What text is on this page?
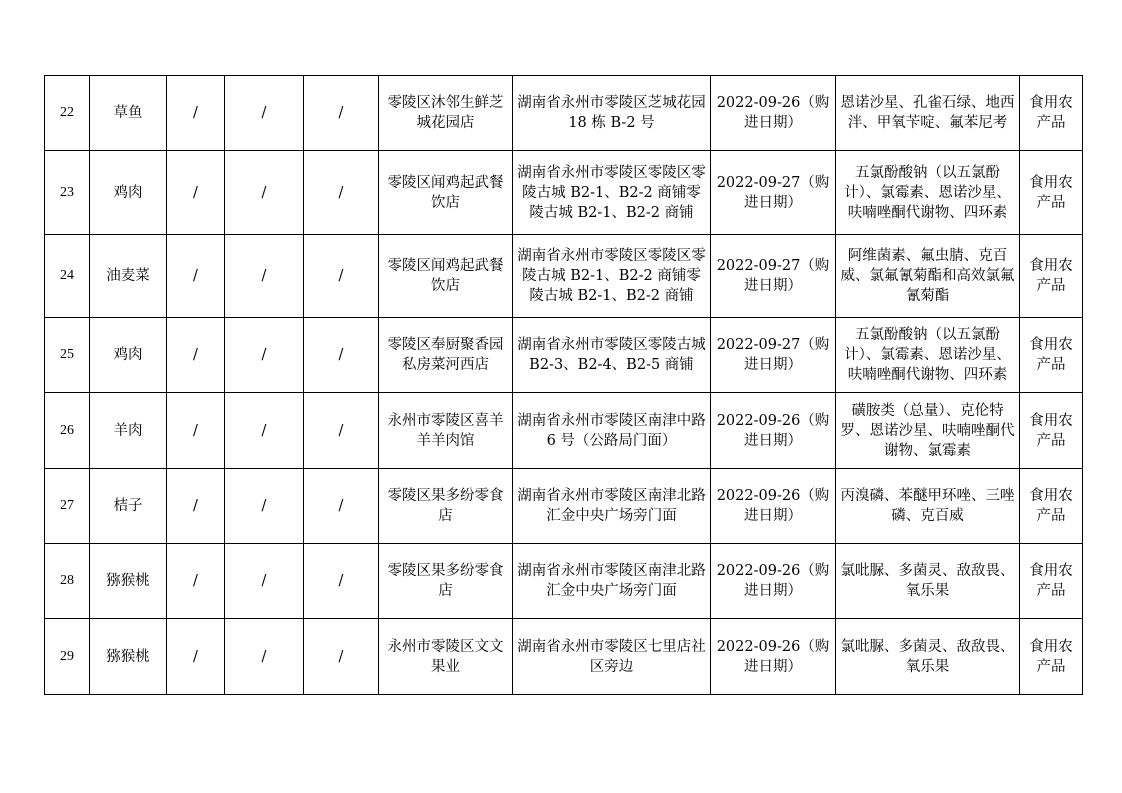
22	草鱼	/	/	/	零陵区沐邻生鲜芝城花园店	湖南省永州市零陵区芝城花园 18 栋 B-2 号	2022-09-26（购进日期）	恩诺沙星、孔雀石绿、地西泮、甲氧苄啶、氟苯尼考	食用农产品
23	鸡肉	/	/	/	零陵区闻鸡起武餐饮店	湖南省永州市零陵区零陵区零陵古城 B2-1、B2-2 商铺零陵古城 B2-1、B2-2 商铺	2022-09-27（购进日期）	五氯酚酸钠（以五氯酚计）、氯霉素、恩诺沙星、呋喃唑酮代谢物、四环素	食用农产品
24	油麦菜	/	/	/	零陵区闻鸡起武餐饮店	湖南省永州市零陵区零陵区零陵古城 B2-1、B2-2 商铺零陵古城 B2-1、B2-2 商铺	2022-09-27（购进日期）	阿维菌素、氟虫腈、克百威、氯氟氰菊酯和高效氯氟氰菊酯	食用农产品
25	鸡肉	/	/	/	零陵区奉厨聚香园私房菜河西店	湖南省永州市零陵区零陵古城 B2-3、B2-4、B2-5 商铺	2022-09-27（购进日期）	五氯酚酸钠（以五氯酚计）、氯霉素、恩诺沙星、呋喃唑酮代谢物、四环素	食用农产品
26	羊肉	/	/	/	永州市零陵区喜羊羊羊肉馆	湖南省永州市零陵区南津中路 6 号（公路局门面）	2022-09-26（购进日期）	磺胺类（总量）、克伦特罗、恩诺沙星、呋喃唑酮代谢物、氯霉素	食用农产品
27	桔子	/	/	/	零陵区果多纷零食店	湖南省永州市零陵区南津北路汇金中央广场旁门面	2022-09-26（购进日期）	丙溴磷、苯醚甲环唑、三唑磷、克百威	食用农产品
28	猕猴桃	/	/	/	零陵区果多纷零食店	湖南省永州市零陵区南津北路汇金中央广场旁门面	2022-09-26（购进日期）	氯吡脲、多菌灵、敌敌畏、氧乐果	食用农产品
29	猕猴桃	/	/	/	永州市零陵区文文果业	湖南省永州市零陵区七里店社区旁边	2022-09-26（购进日期）	氯吡脲、多菌灵、敌敌畏、氧乐果	食用农产品
